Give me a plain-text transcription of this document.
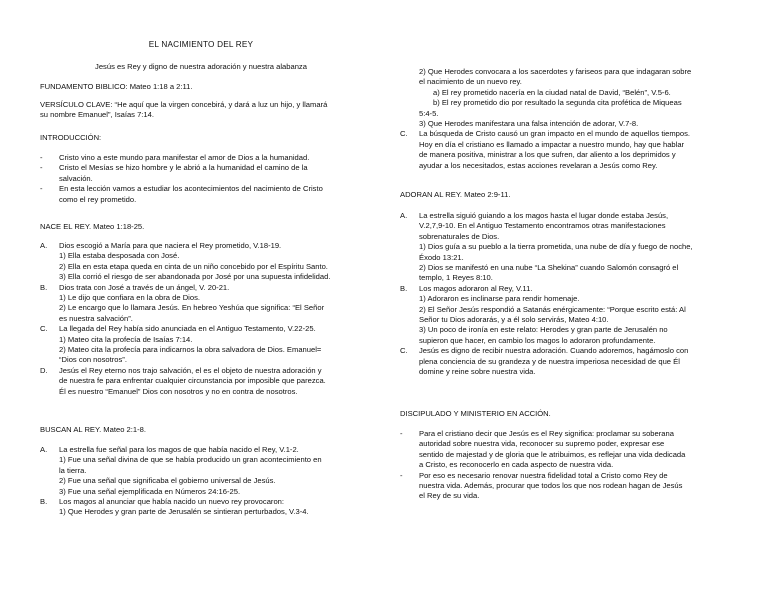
EL NACIMIENTO DEL REY
Jesús es Rey y digno de nuestra adoración y nuestra alabanza
FUNDAMENTO BIBLICO: Mateo 1:18 a 2:11.
VERSÍCULO CLAVE: “He aquí que la virgen concebirá, y dará a luz un hijo, y llamará
su nombre Emanuel”, Isaías 7:14.
INTRODUCCIÓN:
- Cristo vino a este mundo para manifestar el amor de Dios a la humanidad.
- Cristo el Mesías se hizo hombre y le abrió a la humanidad el camino de la
salvación.
- En esta lección vamos a estudiar los acontecimientos del nacimiento de Cristo
como el rey prometido.
NACE EL REY. Mateo 1:18-25.
A. Dios escogió a María para que naciera el Rey prometido, V.18-19.
1) Ella estaba desposada con José.
2) Ella en esta etapa queda en cinta de un niño concebido por el Espíritu Santo.
3) Ella corrió el riesgo de ser abandonada por José por una supuesta infidelidad.
B. Dios trata con José a través de un ángel, V. 20-21.
1) Le dijo que confiara en la obra de Dios.
2) Le encargo que lo llamara Jesús. En hebreo Yeshúa que significa: “El Señor
es nuestra salvación”.
C. La llegada del Rey había sido anunciada en el Antiguo Testamento, V.22-25.
1) Mateo cita la profecía de Isaías 7:14.
2) Mateo cita la profecía para indicarnos la obra salvadora de Dios. Emanuel=
“Dios con nosotros”.
D. Jesús el Rey eterno nos trajo salvación, el es el objeto de nuestra adoración y
de nuestra fe para enfrentar cualquier circunstancia por imposible que parezca.
Él es nuestro “Emanuel” Dios con nosotros y no en contra de nosotros.
BUSCAN AL REY. Mateo 2:1-8.
A. La estrella fue señal para los magos de que había nacido el Rey, V.1-2.
1) Fue una señal divina de que se había producido un gran acontecimiento en
la tierra.
2) Fue una señal que significaba el gobierno universal de Jesús.
3) Fue una señal ejemplificada en Números 24:16-25.
B. Los magos al anunciar que había nacido un nuevo rey provocaron:
1) Que Herodes y gran parte de Jerusalén se sintieran perturbados, V.3-4.
2) Que Herodes convocara a los sacerdotes y fariseos para que indagaran sobre
el nacimiento de un nuevo rey.
a) El rey prometido nacería en la ciudad natal de David, “Belén”, V.5-6.
b) El rey prometido dio por resultado la segunda cita profética de Miqueas
5:4-5.
3) Que Herodes manifestara una falsa intención de adorar, V.7-8.
C. La búsqueda de Cristo causó un gran impacto en el mundo de aquellos tiempos.
Hoy en día el cristiano es llamado a impactar a nuestro mundo, hay que hablar
de manera positiva, ministrar a los que sufren, dar aliento a los deprimidos y
ayudar a los necesitados, estas acciones revelaran a Jesús como Rey.
ADORAN AL REY. Mateo 2:9-11.
A. La estrella siguió guiando a los magos hasta el lugar donde estaba Jesús,
V.2,7,9-10. En el Antiguo Testamento encontramos otras manifestaciones
sobrenaturales de Dios.
1) Dios guía a su pueblo a la tierra prometida, una nube de día y fuego de noche,
Éxodo 13:21.
2) Dios se manifestó en una nube “La Shekina” cuando Salomón consagró el
templo, 1 Reyes 8:10.
B. Los magos adoraron al Rey, V.11.
1) Adoraron es inclinarse para rendir homenaje.
2) El Señor Jesús respondió a Satanás enérgicamente: “Porque escrito está: Al
Señor tu Dios adorarás, y a él solo servirás, Mateo 4:10.
3) Un poco de ironía en este relato: Herodes y gran parte de Jerusalén no
supieron que hacer, en cambio los magos lo adoraron profundamente.
C. Jesús es digno de recibir nuestra adoración. Cuando adoremos, hagámoslo con
plena conciencia de su grandeza y de nuestra imperiosa necesidad de que Él
domine y reine sobre nuestra vida.
DISCIPULADO Y MINISTERIO EN ACCIÓN.
- Para el cristiano decir que Jesús es el Rey significa: proclamar su soberana
autoridad sobre nuestra vida, reconocer su supremo poder, expresar ese
sentido de majestad y de gloria que le atribuimos, es reflejar una vida dedicada
a Cristo, es reconocerlo en cada aspecto de nuestra vida.
- Por eso es necesario renovar nuestra fidelidad total a Cristo como Rey de
nuestra vida. Además, procurar que todos los que nos rodean hagan de Jesús
el Rey de su vida.
